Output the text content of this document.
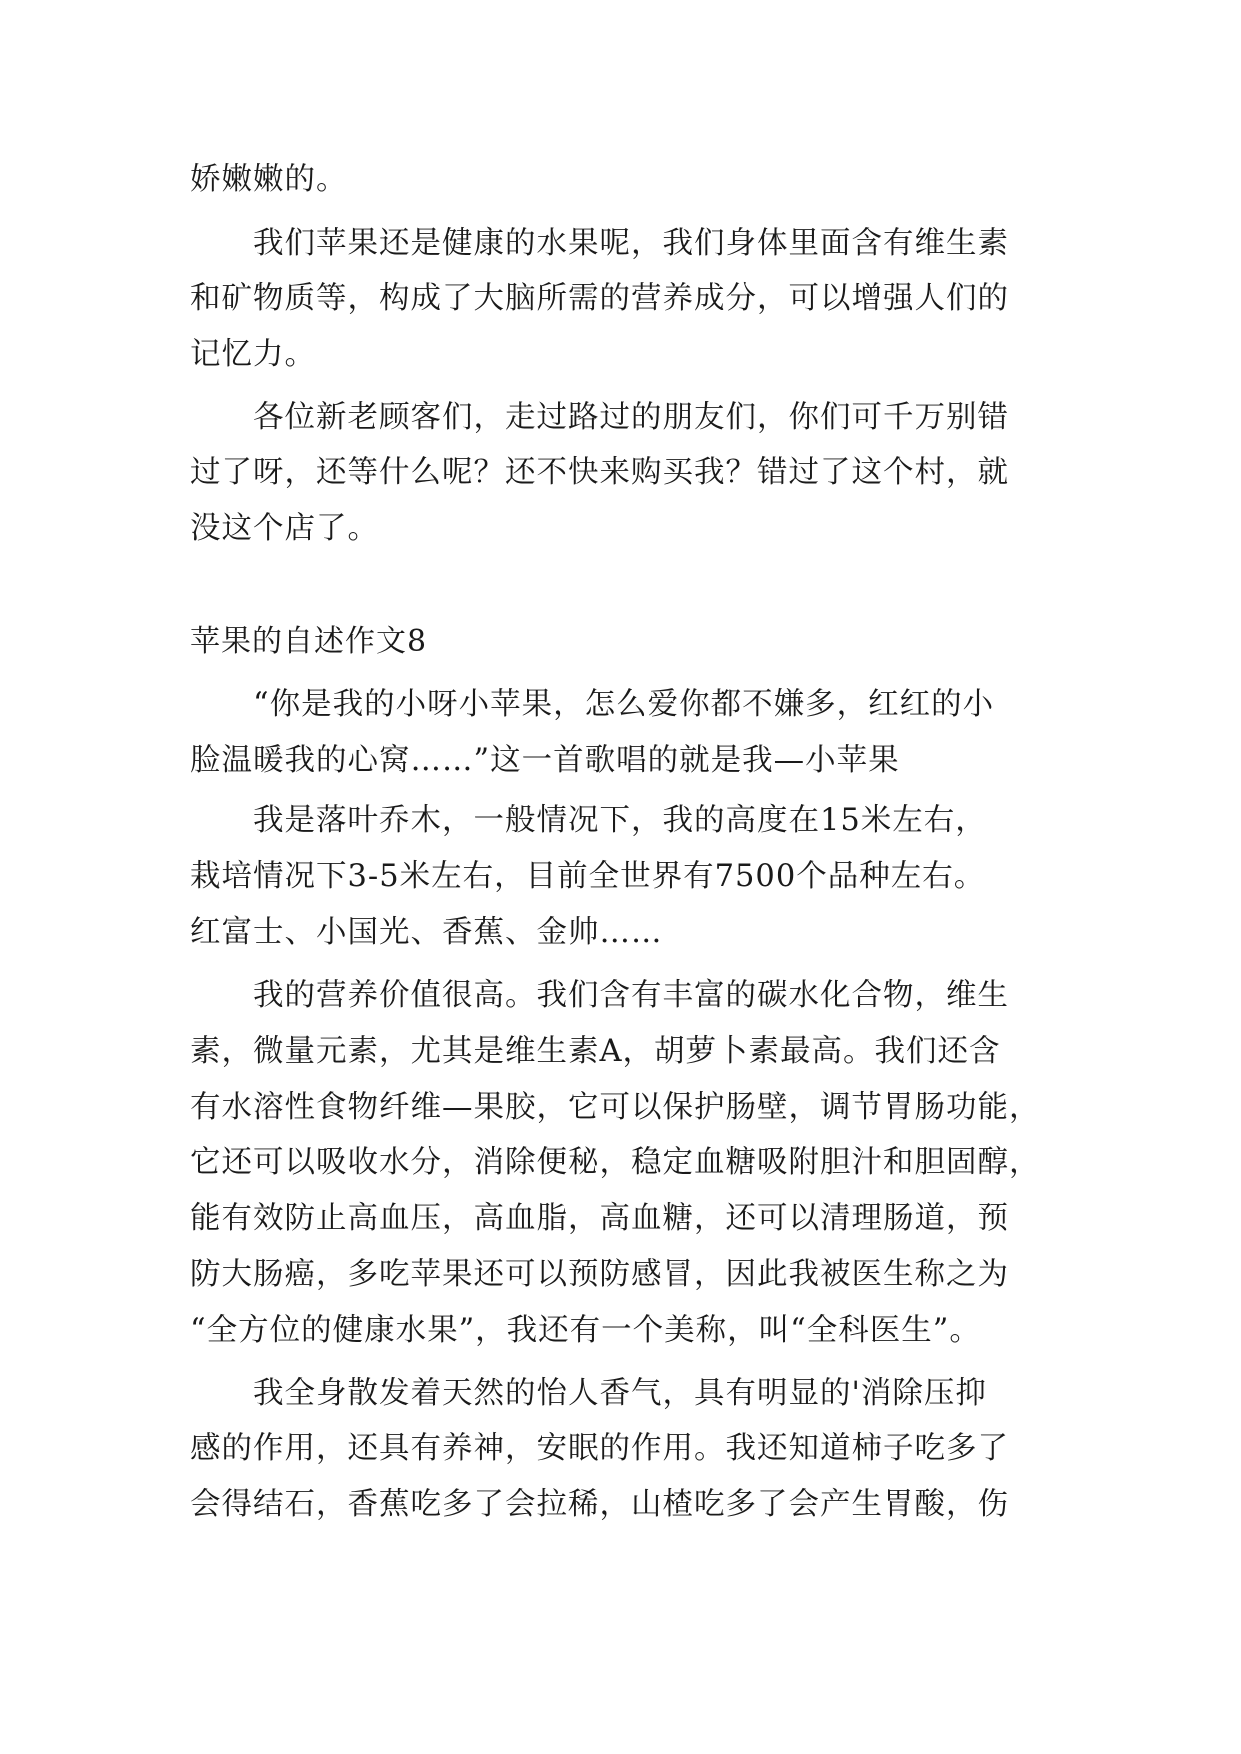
娇嫩嫩的。
我们苹果还是健康的水果呢，我们身体里面含有维生素
和矿物质等，构成了大脑所需的营养成分，可以增强人们的
记忆力。
各位新老顾客们，走过路过的朋友们，你们可千万别错
过了呀，还等什么呢？还不快来购买我？错过了这个村，就
没这个店了。
苹果的自述作文8
“你是我的小呀小苹果，怎么爱你都不嫌多，红红的小
脸温暖我的心窝……”这一首歌唱的就是我—小苹果
我是落叶乔木，一般情况下，我的高度在15米左右，
栽培情况下3-5米左右，目前全世界有7500个品种左右。
红富士、小国光、香蕉、金帅……
我的营养价值很高。我们含有丰富的碳水化合物，维生
素，微量元素，尤其是维生素A，胡萝卜素最高。我们还含
有水溶性食物纤维—果胶，它可以保护肠壁，调节胃肠功能，
它还可以吸收水分，消除便秘，稳定血糖吸附胆汁和胆固醇，
能有效防止高血压，高血脂，高血糖，还可以清理肠道，预
防大肠癌，多吃苹果还可以预防感冒，因此我被医生称之为
“全方位的健康水果”，我还有一个美称，叫“全科医生”。
我全身散发着天然的怡人香气，具有明显的'消除压抑
感的作用，还具有养神，安眠的作用。我还知道柿子吃多了
会得结石，香蕉吃多了会拉稀，山楂吃多了会产生胃酸，伤
